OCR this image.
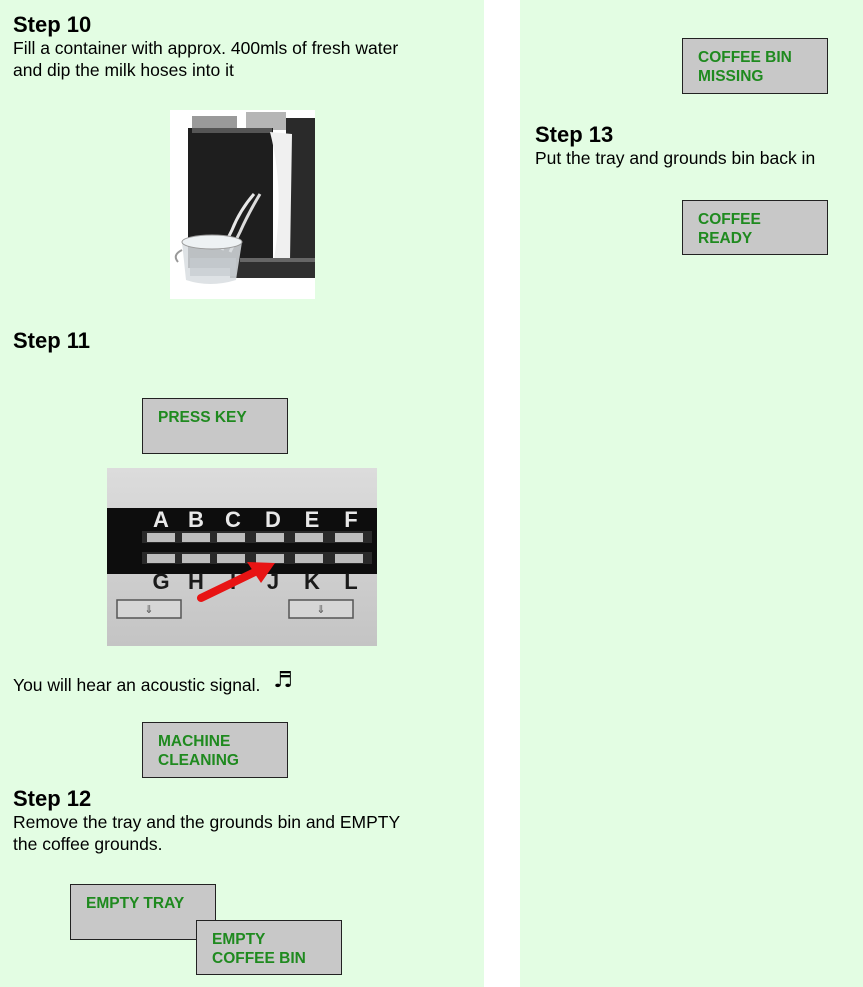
Step 10

Fill a container with approx. 400mls of fresh water

and dip the milk hoses into it

Step 11

PRESS KEY
⇓	⇓
A B C D E F
G H	J K L
You will hear an acoustic signal. ♬
MACHINE
CLEANING

Step 12

Remove the tray and the grounds bin and EMPTY

the coffee grounds.

EMPTY TRAY
EMPTY
COFFEE BIN
COFFEE BIN
MISSING

Step 13

Put the tray and grounds bin back in

COFFEE
READY
